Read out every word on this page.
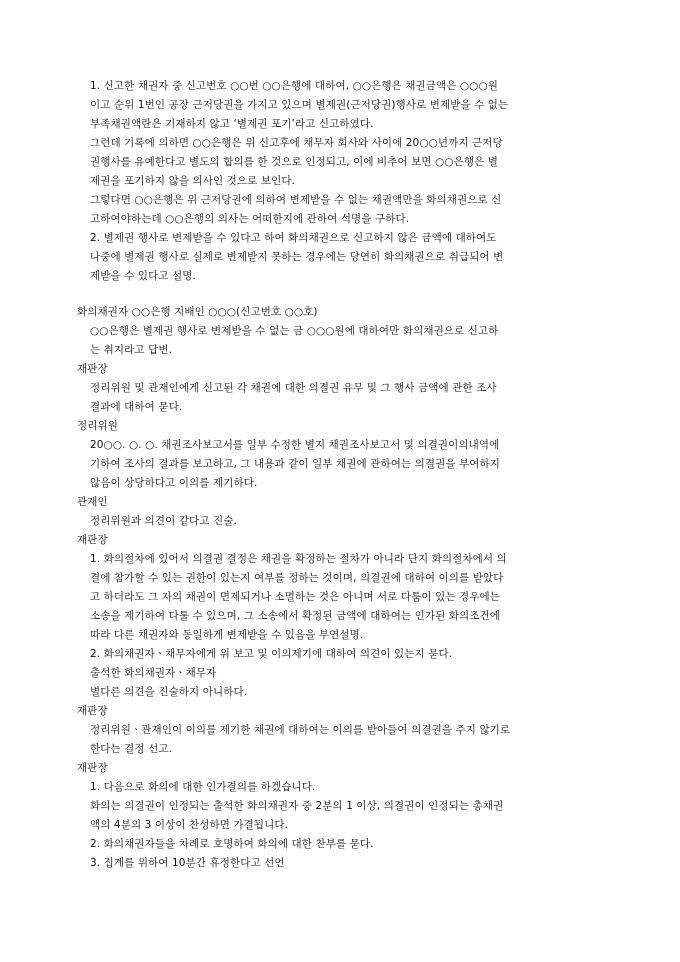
1. 신고한 채권자 중 신고번호 ○○번 ○○은행에 대하여, ○○은행은 채권금액은 ○○○원
이고 순위 1번인 공장 근저당권을 가지고 있으며 별제권(근저당권)행사로 변제받을 수 없는
부족채권액란은 기재하지 않고 ‘별제권 포기’라고 신고하였다.
그런데 기록에 의하면 ○○은행은 위 신고후에 채무자 회사와 사이에 20○○년까지 근저당
권행사를 유예한다고 별도의 합의를 한 것으로 인정되고, 이에 비추어 보면 ○○은행은 별
제권을 포기하지 않을 의사인 것으로 보인다.
그렇다면 ○○은행은 위 근저당권에 의하여 변제받을 수 없는 채권액만을 화의채권으로 신
고하여야하는데 ○○은행의 의사는 어떠한지에 관하여 석명을 구하다.
2. 별제권 행사로 변제받을 수 있다고 하여 화의채권으로 신고하지 않은 금액에 대하여도
나중에 별제권 행사로 실제로 변제받지 못하는 경우에는 당연히 화의채권으로 취급되어 변
제받을 수 있다고 설명.
화의채권자 ○○은행 지배인 ○○○(신고번호 ○○호)
○○은행은 별제권 행사로 변제받을 수 없는 금 ○○○원에 대하여만 화의채권으로 신고하
는 취지라고 답변.
재판장
정리위원 및 관재인에게 신고된 각 채권에 대한 의결권 유무 및 그 행사 금액에 관한 조사
결과에 대하여 묻다.
정리위원
20○○. ○. ○. 채권조사보고서를 일부 수정한 별지 채권조사보고서 및 의결권이의내역에
기하여 조사의 결과를 보고하고, 그 내용과 같이 일부 채권에 관하여는 의결권을 부여하지
않음이 상당하다고 이의를 제기하다.
관재인
정리위원과 의견이 같다고 진술.
재판장
1. 화의절차에 있어서 의결권 결정은 채권을 확정하는 절차가 아니라 단지 화의절차에서 의
결에 참가할 수 있는 권한이 있는지 여부를 정하는 것이며, 의결권에 대하여 이의를 받았다
고 하더라도 그 자의 채권이 면제되거나 소멸하는 것은 아니며 서로 다툼이 있는 경우에는
소송을 제기하여 다툴 수 있으며, 그 소송에서 확정된 금액에 대하여는 인가된 화의조건에
따라 다른 채권자와 동일하게 변제받을 수 있음을 부연설명.
2. 화의채권자ㆍ채무자에게 위 보고 및 이의제기에 대하여 의견이 있는지 묻다.
출석한 화의채권자ㆍ채무자
별다른 의견을 진술하지 아니하다.
재판장
정리위원ㆍ관재인이 이의를 제기한 채권에 대하여는 이의를 받아들여 의결권을 주지 않기로
한다는 결정 선고.
재판장
1. 다음으로 화의에 대한 인가결의를 하겠습니다.
화의는 의결권이 인정되는 출석한 화의채권자 중 2분의 1 이상, 의결권이 인정되는 총채권
액의 4분의 3 이상이 찬성하면 가결됩니다.
2. 화의채권자들을 차례로 호명하여 화의에 대한 찬부를 묻다.
3. 집계를 위하여 10분간 휴정한다고 선언
